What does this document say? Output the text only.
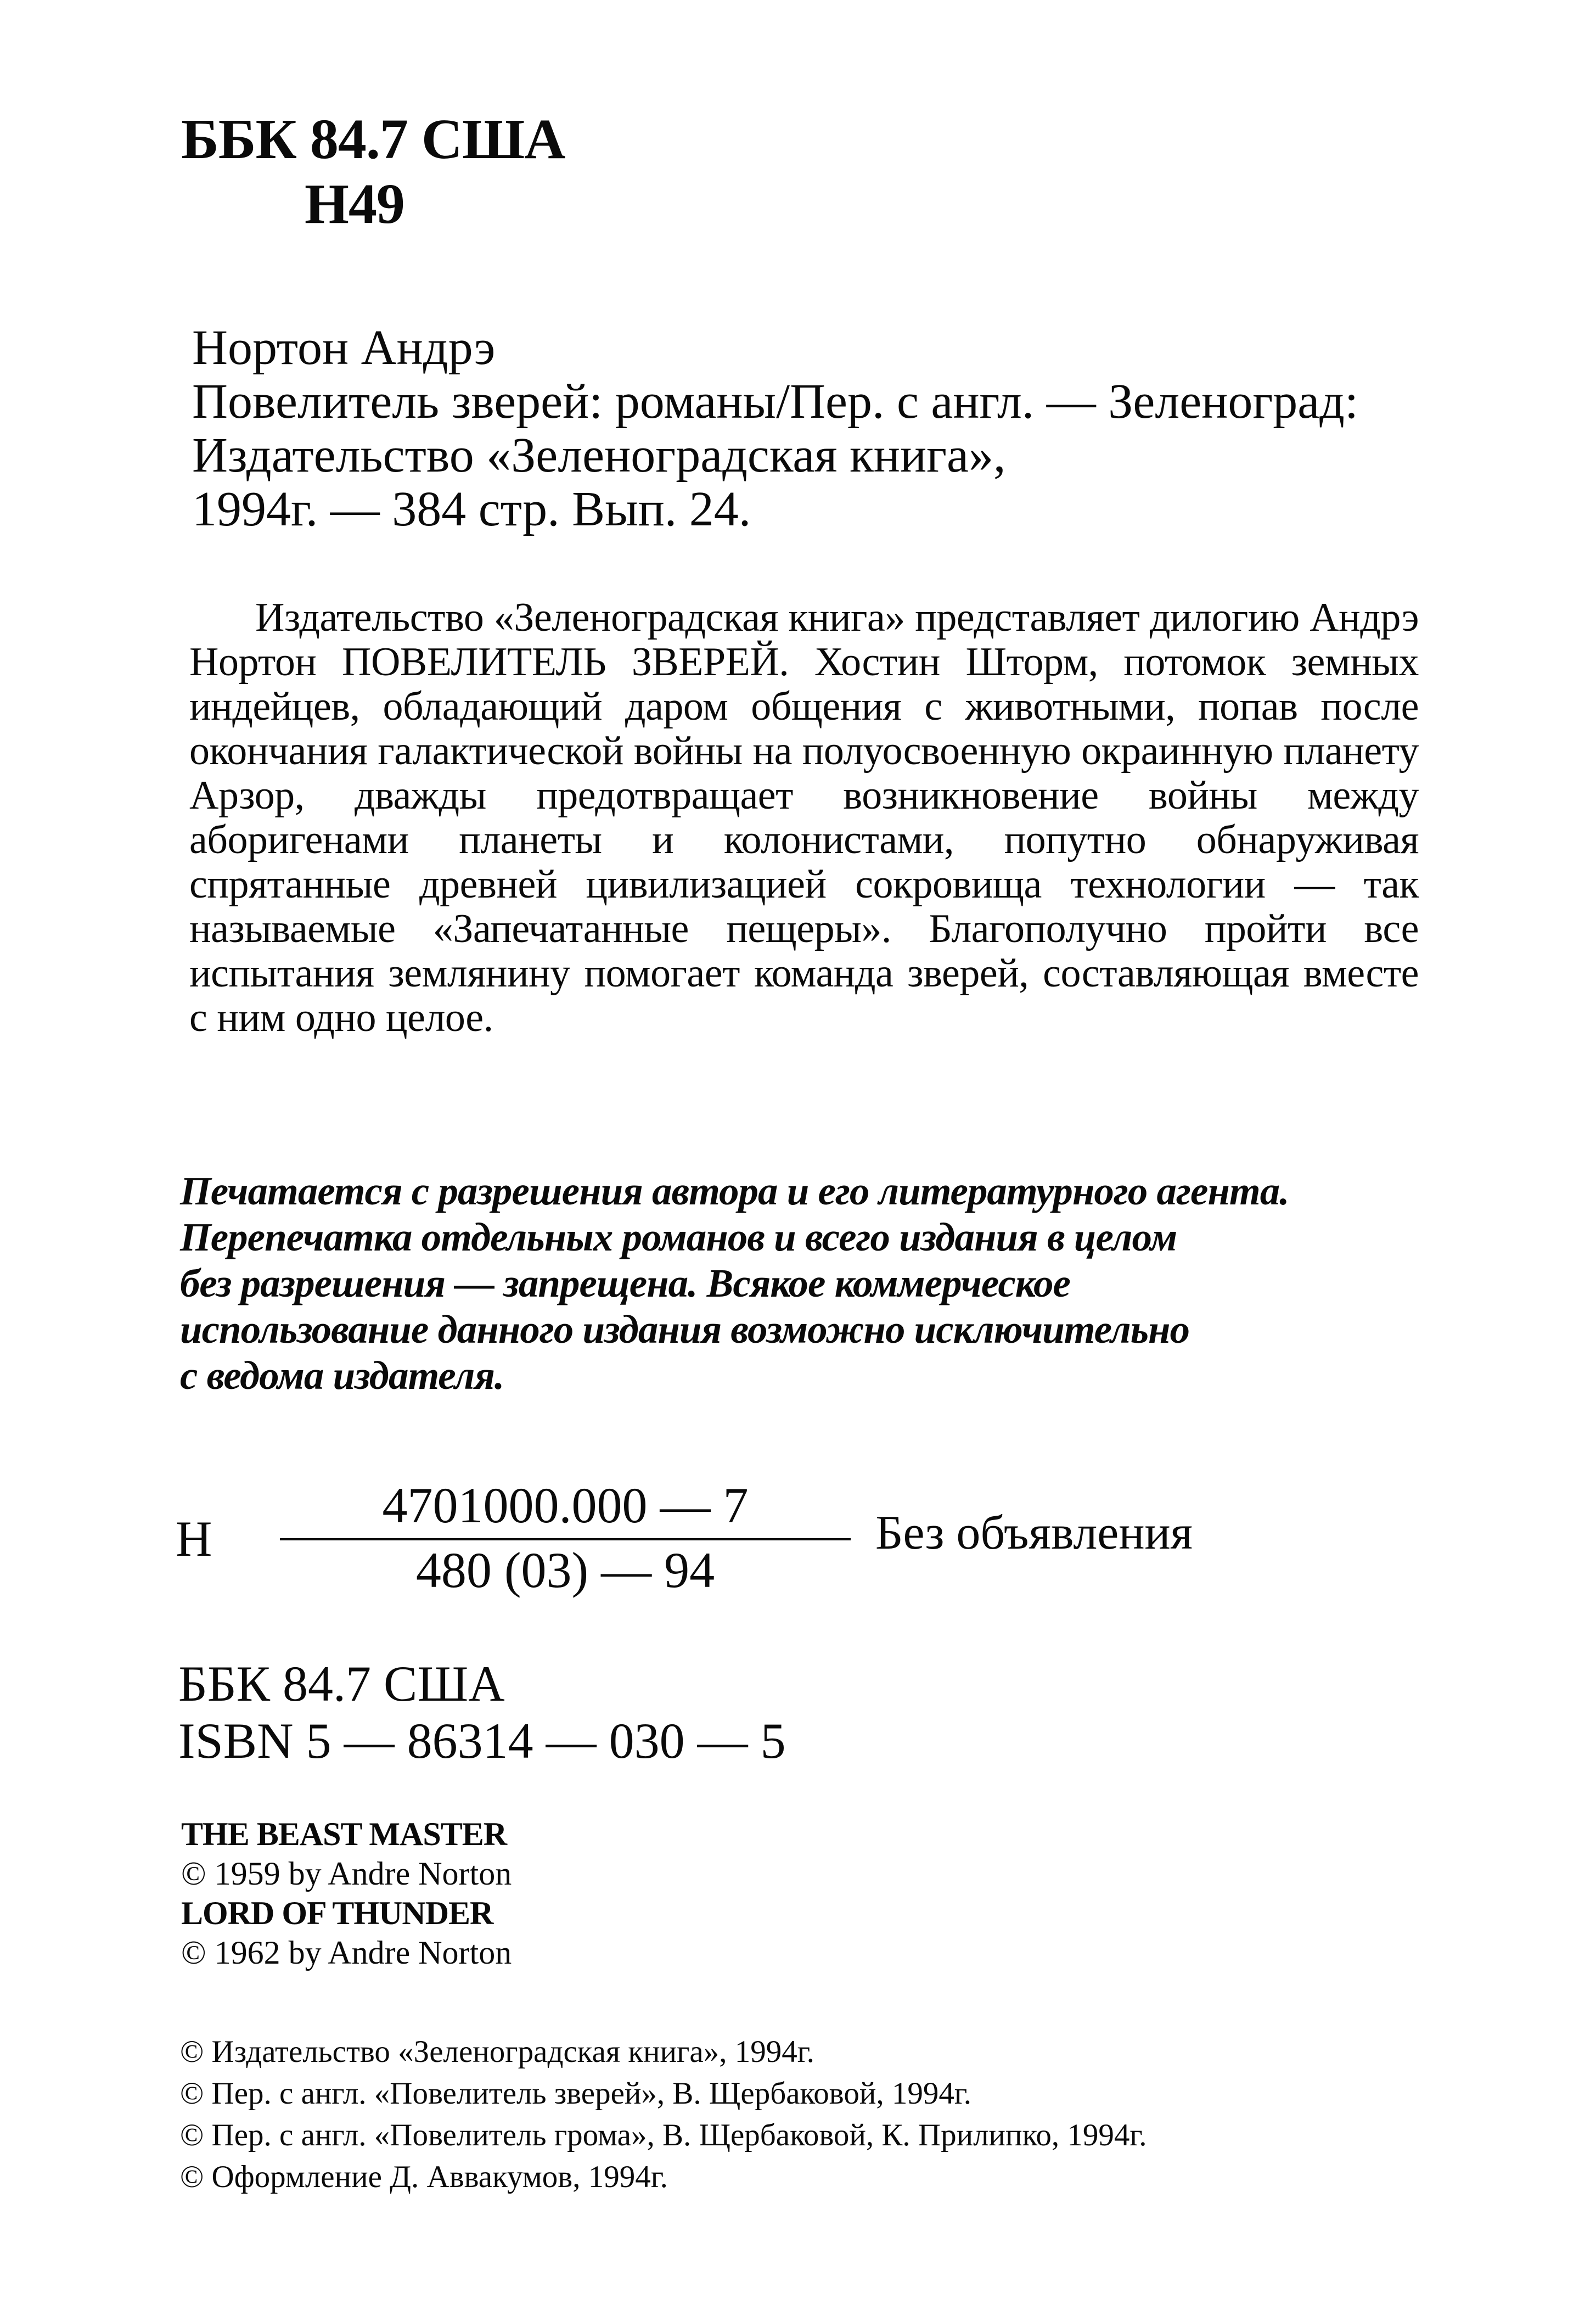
ББК 84.7 США
Н49
Нортон Андрэ
Повелитель зверей: романы/Пер. с англ. — Зеленоград:
Издательство «Зеленоградская книга»,
1994г. — 384 стр. Вып. 24.
Издательство «Зеленоградская книга» представляет дилогию Андрэ Нортон ПОВЕЛИТЕЛЬ ЗВЕРЕЙ. Хостин Шторм, потомок земных индейцев, обладающий даром общения с животными, попав после окончания галактической войны на полуосвоенную окраинную планету Арзор, дважды предотвращает возникновение войны между аборигенами планеты и колонистами, попутно обнаруживая спрятанные древней цивилизацией сокровища технологии — так называемые «Запечатанные пещеры». Благополучно пройти все испытания землянину помогает команда зверей, составляющая вместе с ним одно целое.
Печатается с разрешения автора и его литературного агента.
Перепечатка отдельных романов и всего издания в целом
без разрешения — запрещена. Всякое коммерческое
использование данного издания возможно исключительно
с ведома издателя.
Н
4701000.000 — 7
480 (03) — 94
Без объявления
ББК 84.7 США
ISBN 5 — 86314 — 030 — 5
THE BEAST MASTER
© 1959 by Andre Norton
LORD OF THUNDER
© 1962 by Andre Norton
© Издательство «Зеленоградская книга», 1994г.
© Пер. с англ. «Повелитель зверей», В. Щербаковой, 1994г.
© Пер. с англ. «Повелитель грома», В. Щербаковой, К. Прилипко, 1994г.
© Оформление Д. Аввакумов, 1994г.
